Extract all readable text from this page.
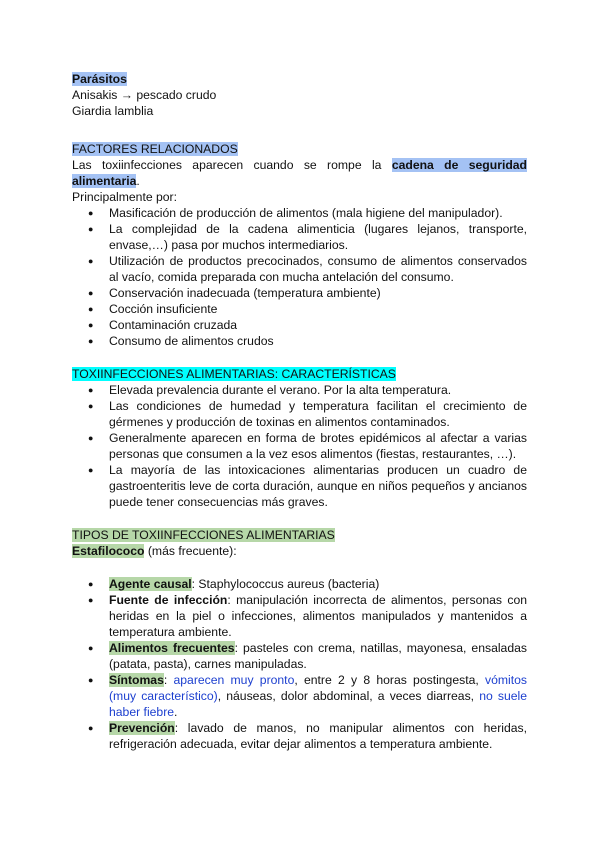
Parásitos

Anisakis → pescado crudo

Giardia lamblia

FACTORES RELACIONADOS

Las toxiinfecciones aparecen cuando se rompe la cadena de seguridad alimentaria.

Principalmente por:

● Masificación de producción de alimentos (mala higiene del manipulador).
● La complejidad de la cadena alimenticia (lugares lejanos, transporte, envase,…) pasa por muchos intermediarios.
● Utilización de productos precocinados, consumo de alimentos conservados al vacío, comida preparada con mucha antelación del consumo.
● Conservación inadecuada (temperatura ambiente)
● Cocción insuficiente
● Contaminación cruzada
● Consumo de alimentos crudos

TOXIINFECCIONES ALIMENTARIAS: CARACTERÍSTICAS

● Elevada prevalencia durante el verano. Por la alta temperatura.
● Las condiciones de humedad y temperatura facilitan el crecimiento de gérmenes y producción de toxinas en alimentos contaminados.
● Generalmente aparecen en forma de brotes epidémicos al afectar a varias personas que consumen a la vez esos alimentos (fiestas, restaurantes, …).
● La mayoría de las intoxicaciones alimentarias producen un cuadro de gastroenteritis leve de corta duración, aunque en niños pequeños y ancianos puede tener consecuencias más graves.

TIPOS DE TOXIINFECCIONES ALIMENTARIAS

Estafilococo (más frecuente):

● Agente causal: Staphylococcus aureus (bacteria)
● Fuente de infección: manipulación incorrecta de alimentos, personas con heridas en la piel o infecciones, alimentos manipulados y mantenidos a temperatura ambiente.
● Alimentos frecuentes: pasteles con crema, natillas, mayonesa, ensaladas (patata, pasta), carnes manipuladas.
● Síntomas: aparecen muy pronto, entre 2 y 8 horas postingesta, vómitos (muy característico), náuseas, dolor abdominal, a veces diarreas, no suele haber fiebre.
● Prevención: lavado de manos, no manipular alimentos con heridas, refrigeración adecuada, evitar dejar alimentos a temperatura ambiente.
